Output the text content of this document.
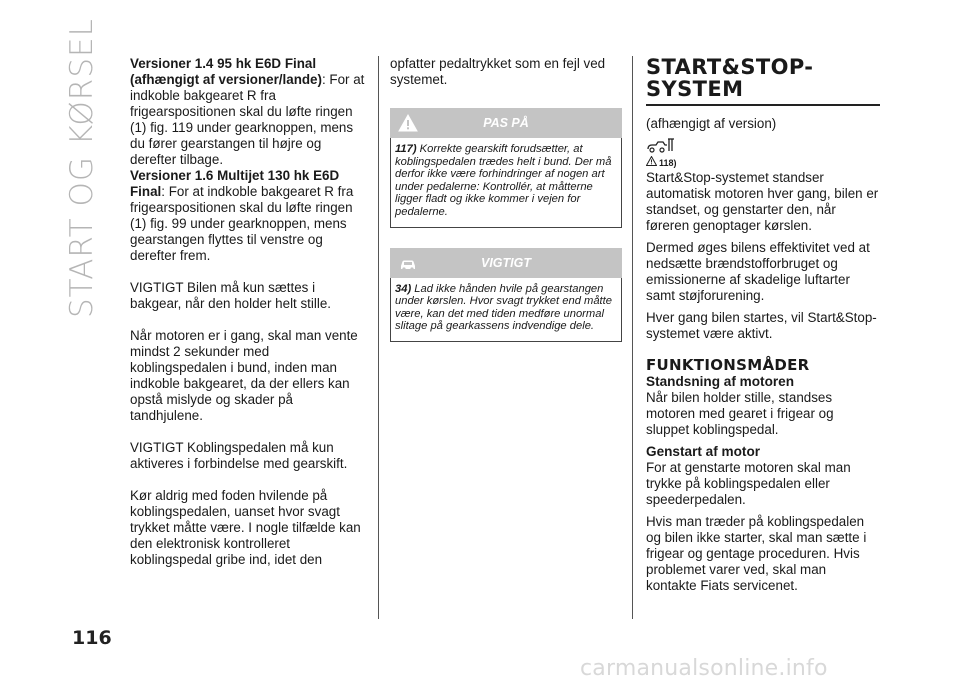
START OG KØRSEL	Versioner 1.4 95 hk E6D Final (afhængigt af versioner/lande): For at indkoble bakgearet R fra frigearspositionen skal du løfte ringen (1) fig. 119 under gearknoppen, mens du fører gearstangen til højre og derefter tilbage.

Versioner 1.6 Multijet 130 hk E6D Final: For at indkoble bakgearet R fra frigearspositionen skal du løfte ringen (1) fig. 99 under gearknoppen, mens gearstangen flyttes til venstre og derefter frem.

VIGTIGT Bilen må kun sættes i bakgear, når den holder helt stille.

Når motoren er i gang, skal man vente mindst 2 sekunder med koblingspedalen i bund, inden man indkoble bakgearet, da der ellers kan opstå mislyde og skader på tandhjulene.

VIGTIGT Koblingspedalen må kun aktiveres i forbindelse med gearskift.

Kør aldrig med foden hvilende på koblingspedalen, uanset hvor svagt trykket måtte være. I nogle tilfælde kan den elektronisk kontrolleret koblingspedal gribe ind, idet den

opfatter pedaltrykket som en fejl ved systemet.

PAS PÅ
117) Korrekte gearskift forudsætter, at koblingspedalen trædes helt i bund. Der må derfor ikke være forhindringer af nogen art under pedalerne: Kontrollér, at måtterne ligger fladt og ikke kommer i vejen for pedalerne.
VIGTIGT
34) Lad ikke hånden hvile på gearstangen under kørslen. Hvor svagt trykket end måtte være, kan det med tiden medføre unormal slitage på gearkassens indvendige dele.
START&STOP-SYSTEM

(afhængigt af version)

118)

Start&Stop-systemet standser automatisk motoren hver gang, bilen er standset, og genstarter den, når føreren genoptager kørslen.

Dermed øges bilens effektivitet ved at nedsætte brændstofforbruget og emissionerne af skadelige luftarter samt støjforurening.

Hver gang bilen startes, vil Start&Stop-systemet være aktivt.

FUNKTIONSMÅDER

Standsning af motoren

Når bilen holder stille, standses motoren med gearet i frigear og sluppet koblingspedal.

Genstart af motor

For at genstarte motoren skal man trykke på koblingspedalen eller speederpedalen.

Hvis man træder på koblingspedalen og bilen ikke starter, skal man sætte i frigear og gentage proceduren. Hvis problemet varer ved, skal man kontakte Fiats servicenet.

116
carmanualsonline.info
